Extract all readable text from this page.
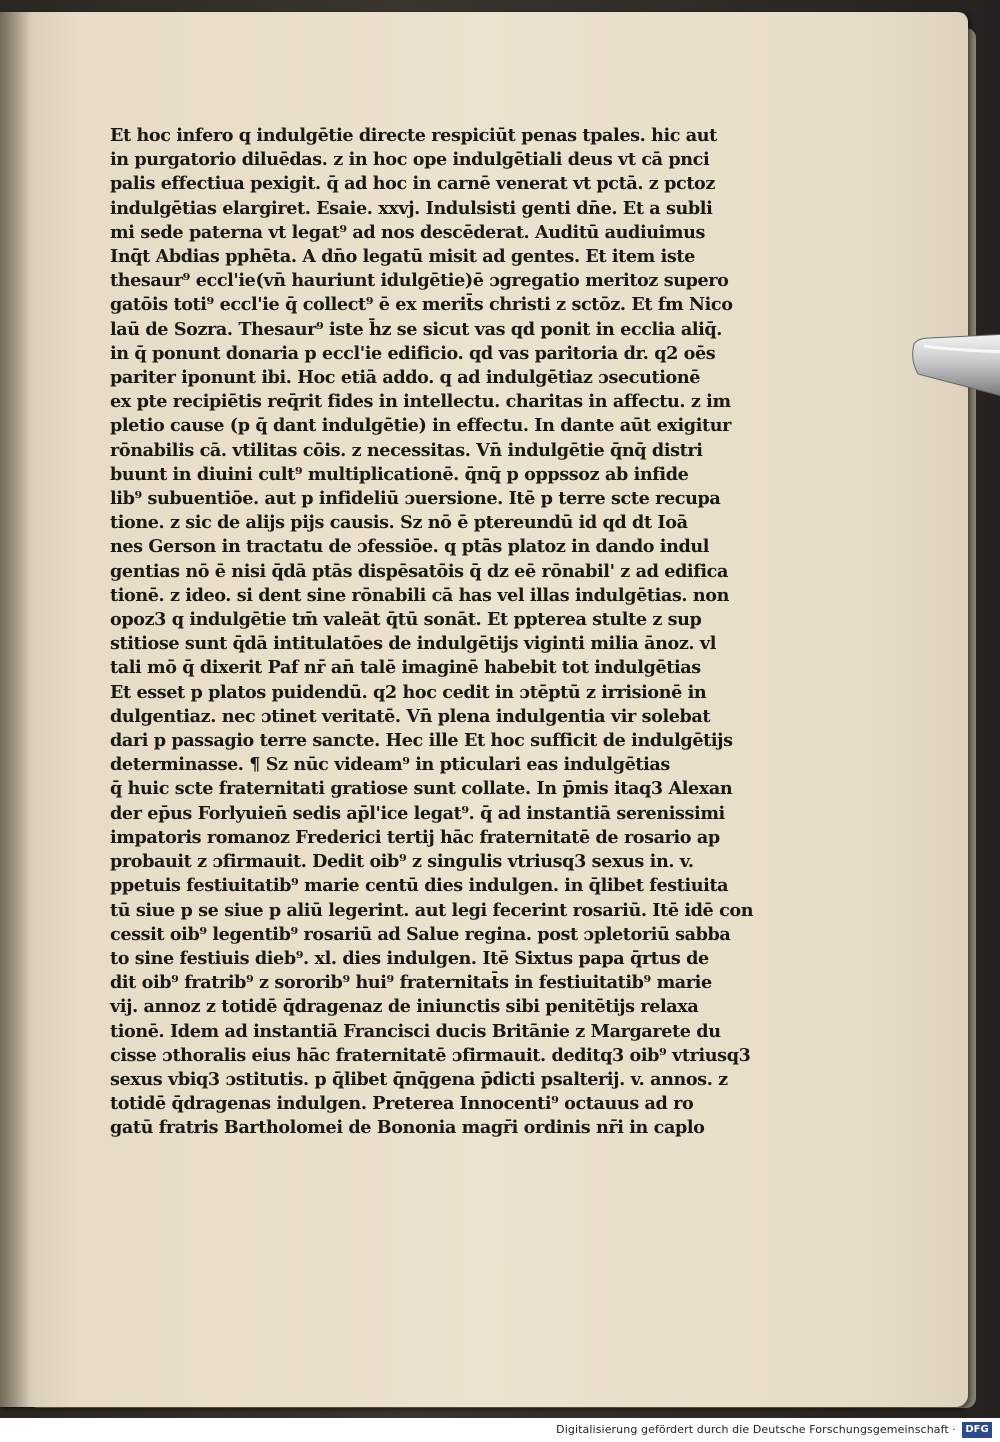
Et hoc infero q indulgētie directe respiciūt penas tpales. hic aut
in purgatorio diluēdas. z in hoc ope indulgētiali deus vt cā pnci
palis effectiua pexigit. q̄ ad hoc in carnē venerat vt pctā. z pctoz
indulgētias elargiret. Esaie. xxvj. Indulsisti genti dn̄e. Et a subli
mi sede paterna vt legat⁹ ad nos descēderat. Auditū audiuimus
Inq̄t Abdias pphēta. A dn̄o legatū misit ad gentes. Et item iste
thesaur⁹ eccl'ie(vn̄ hauriunt idulgētie)ē ɔgregatio meritoz supero
gatōis toti⁹ eccl'ie q̄ collect⁹ ē ex merit̄s christi z sctōz. Et fm Nico
laū de Sozra. Thesaur⁹ iste h̄z se sicut vas qd ponit in ecclia aliq̄.
in q̄ ponunt donaria p eccl'ie edificio. qd vas paritoria dr. q2 oēs
pariter iponunt ibi. Hoc etiā addo. q ad indulgētiaz ɔsecutionē
ex pte recipiētis req̄rit fides in intellectu. charitas in affectu. z im
pletio cause (p q̄ dant indulgētie) in effectu. In dante aūt exigitur
rōnabilis cā. vtilitas cōis. z necessitas. Vn̄ indulgētie q̄nq̄ distri
buunt in diuini cult⁹ multiplicationē. q̄nq̄ p oppssoz ab infide
lib⁹ subuentiōe. aut p infideliū ɔuersione. Itē p terre scte recupa
tione. z sic de alijs pijs causis. Sz nō ē ptereundū id qd dt Ioā
nes Gerson in tractatu de ɔfessiōe. q ptās platoz in dando indul
gentias nō ē nisi q̄dā ptās dispēsatōis q̄ dz eē rōnabil' z ad edifica
tionē. z ideo. si dent sine rōnabili cā has vel illas indulgētias. non
opoz3 q indulgētie tm̄ valeāt q̄tū sonāt. Et ppterea stulte z sup
stitiose sunt q̄dā intitulatōes de indulgētijs viginti milia ānoz. vl
tali mō q̄ dixerit Paf nr̄ an̄ talē imaginē habebit tot indulgētias
Et esset p platos puidendū. q2 hoc cedit in ɔtēptū z irrisionē in
dulgentiaz. nec ɔtinet veritatē. Vn̄ plena indulgentia vir solebat
dari p passagio terre sancte. Hec ille Et hoc sufficit de indulgētijs
determinasse. ¶ Sz nūc videam⁹ in pticulari eas indulgētias
q̄ huic scte fraternitati gratiose sunt collate. In p̄mis itaq3 Alexan
der ep̄us Forlyuien̄ sedis ap̄l'ice legat⁹. q̄ ad instantiā serenissimi
impatoris romanoz Frederici tertij hāc fraternitatē de rosario ap
probauit z ɔfirmauit. Dedit oib⁹ z singulis vtriusq3 sexus in. v.
ppetuis festiuitatib⁹ marie centū dies indulgen. in q̄libet festiuita
tū siue p se siue p aliū legerint. aut legi fecerint rosariū. Itē idē con
cessit oib⁹ legentib⁹ rosariū ad Salue regina. post ɔpletoriū sabba
to sine festiuis dieb⁹. xl. dies indulgen. Itē Sixtus papa q̄rtus de
dit oib⁹ fratrib⁹ z sororib⁹ hui⁹ fraternitat̄s in festiuitatib⁹ marie
vij. annoz z totidē q̄dragenaz de iniunctis sibi penitētijs relaxa
tionē. Idem ad instantiā Francisci ducis Britānie z Margarete du
cisse ɔthoralis eius hāc fraternitatē ɔfirmauit. deditq3 oib⁹ vtriusq3
sexus vbiq3 ɔstitutis. p q̄libet q̄nq̄gena p̄dicti psalterij. v. annos. z
totidē q̄dragenas indulgen. Preterea Innocenti⁹ octauus ad ro
gatū fratris Bartholomei de Bononia magr̄i ordinis nr̄i in caplo
Digitalisierung gefördert durch die Deutsche Forschungsgemeinschaft · DFG
